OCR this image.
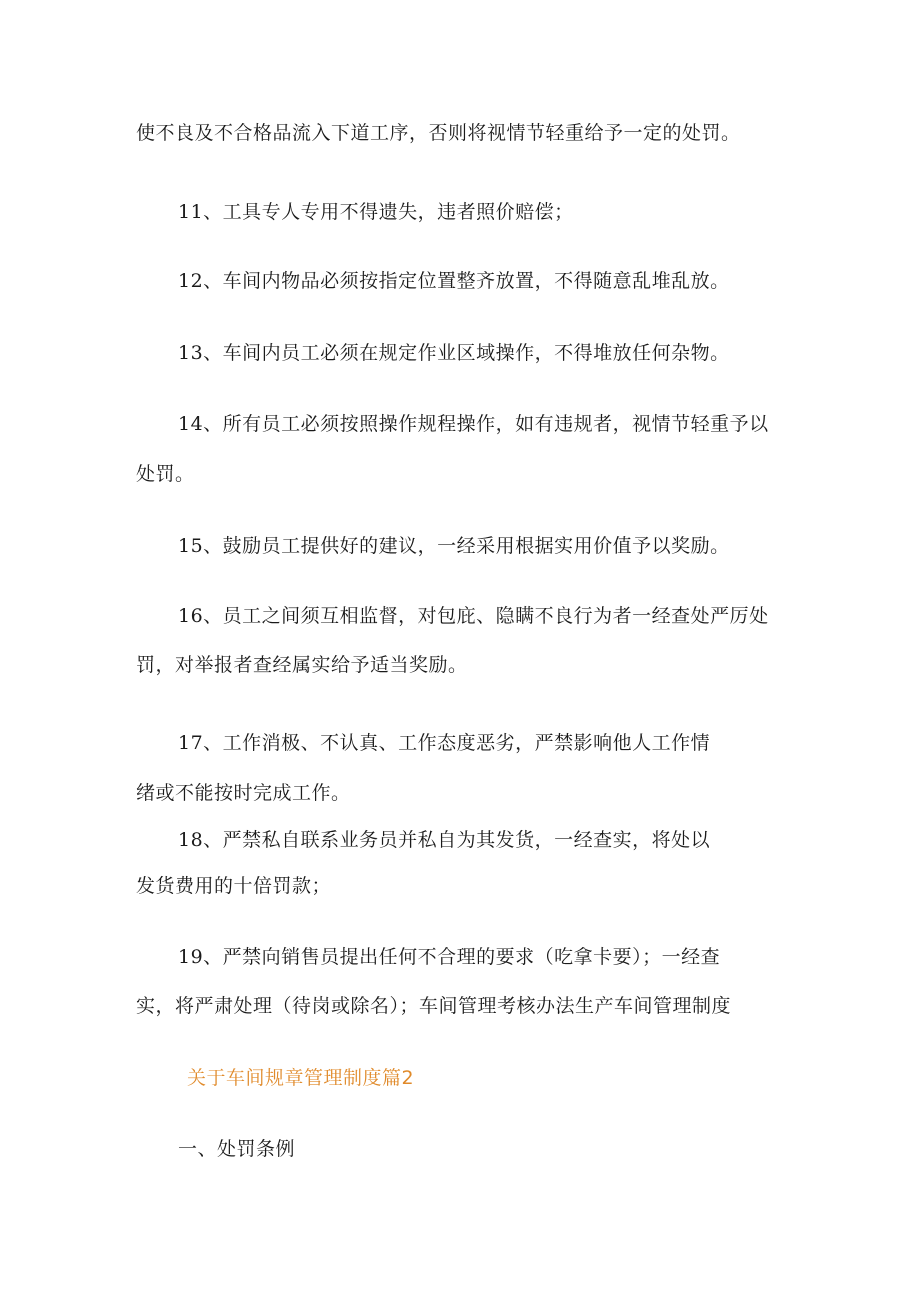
使不良及不合格品流入下道工序，否则将视情节轻重给予一定的处罚。
11、工具专人专用不得遗失，违者照价赔偿；
12、车间内物品必须按指定位置整齐放置，不得随意乱堆乱放。
13、车间内员工必须在规定作业区域操作，不得堆放任何杂物。
14、所有员工必须按照操作规程操作，如有违规者，视情节轻重予以
处罚。
15、鼓励员工提供好的建议，一经采用根据实用价值予以奖励。
16、员工之间须互相监督，对包庇、隐瞒不良行为者一经查处严厉处
罚，对举报者查经属实给予适当奖励。
17、工作消极、不认真、工作态度恶劣，严禁影响他人工作情
绪或不能按时完成工作。
18、严禁私自联系业务员并私自为其发货，一经查实，将处以
发货费用的十倍罚款；
19、严禁向销售员提出任何不合理的要求（吃拿卡要）；一经查
实，将严肃处理（待岗或除名）；车间管理考核办法生产车间管理制度
关于车间规章管理制度篇2
一、处罚条例
